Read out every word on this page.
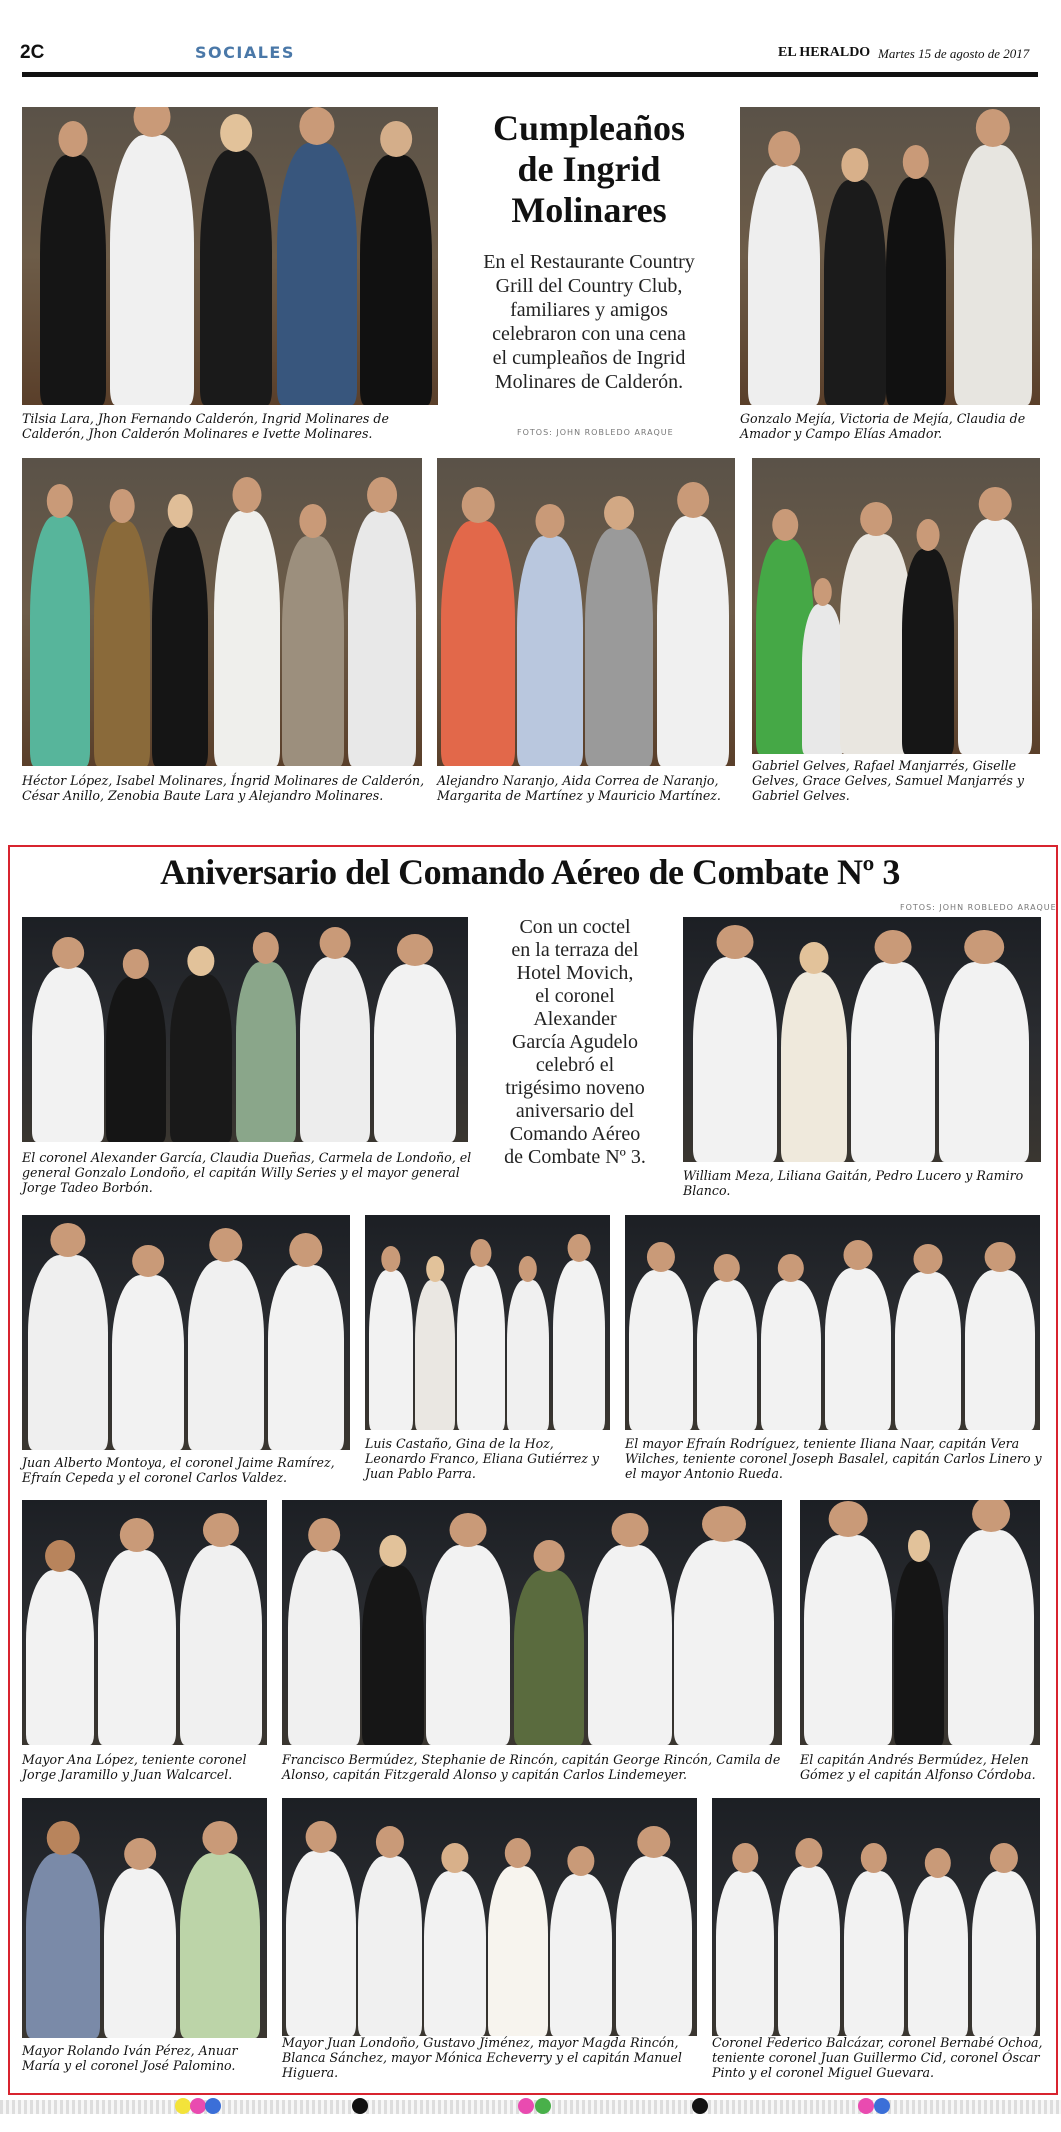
2C	SOCIALES	EL HERALDO Martes 15 de agosto de 2017
Tilsia Lara, Jhon Fernando Calderón, Ingrid Molinares de Calderón, Jhon Calderón Molinares e Ivette Molinares.
Cumpleaños
de Ingrid
Molinares
En el Restaurante Country
Grill del Country Club,
familiares y amigos
celebraron con una cena
el cumpleaños de Ingrid
Molinares de Calderón.
FOTOS: JOHN ROBLEDO ARAQUE
Gonzalo Mejía, Victoria de Mejía, Claudia de Amador y Campo Elías Amador.
Héctor López, Isabel Molinares, Íngrid Molinares de Calderón, César Anillo, Zenobia Baute Lara y Alejandro Molinares.
Alejandro Naranjo, Aida Correa de Naranjo, Margarita de Martínez y Mauricio Martínez.
Gabriel Gelves, Rafael Manjarrés, Giselle Gelves, Grace Gelves, Samuel Manjarrés y Gabriel Gelves.
Aniversario del Comando Aéreo de Combate Nº 3
FOTOS: JOHN ROBLEDO ARAQUE
El coronel Alexander García, Claudia Dueñas, Carmela de Londoño, el general Gonzalo Londoño, el capitán Willy Series y el mayor general Jorge Tadeo Borbón.
Con un coctel
en la terraza del
Hotel Movich,
el coronel
Alexander
García Agudelo
celebró el
trigésimo noveno
aniversario del
Comando Aéreo
de Combate Nº 3.
William Meza, Liliana Gaitán, Pedro Lucero y Ramiro Blanco.
Juan Alberto Montoya, el coronel Jaime Ramírez, Efraín Cepeda y el coronel Carlos Valdez.
Luis Castaño, Gina de la Hoz, Leonardo Franco, Eliana Gutiérrez y Juan Pablo Parra.
El mayor Efraín Rodríguez, teniente Iliana Naar, capitán Vera Wilches, teniente coronel Joseph Basalel, capitán Carlos Linero y el mayor Antonio Rueda.
Mayor Ana López, teniente coronel Jorge Jaramillo y Juan Walcarcel.
Francisco Bermúdez, Stephanie de Rincón, capitán George Rincón, Camila de Alonso, capitán Fitzgerald Alonso y capitán Carlos Lindemeyer.
El capitán Andrés Bermúdez, Helen Gómez y el capitán Alfonso Córdoba.
Mayor Rolando Iván Pérez, Anuar María y el coronel José Palomino.
Mayor Juan Londoño, Gustavo Jiménez, mayor Magda Rincón, Blanca Sánchez, mayor Mónica Echeverry y el capitán Manuel Higuera.
Coronel Federico Balcázar, coronel Bernabé Ochoa, teniente coronel Juan Guillermo Cid, coronel Óscar Pinto y el coronel Miguel Guevara.
